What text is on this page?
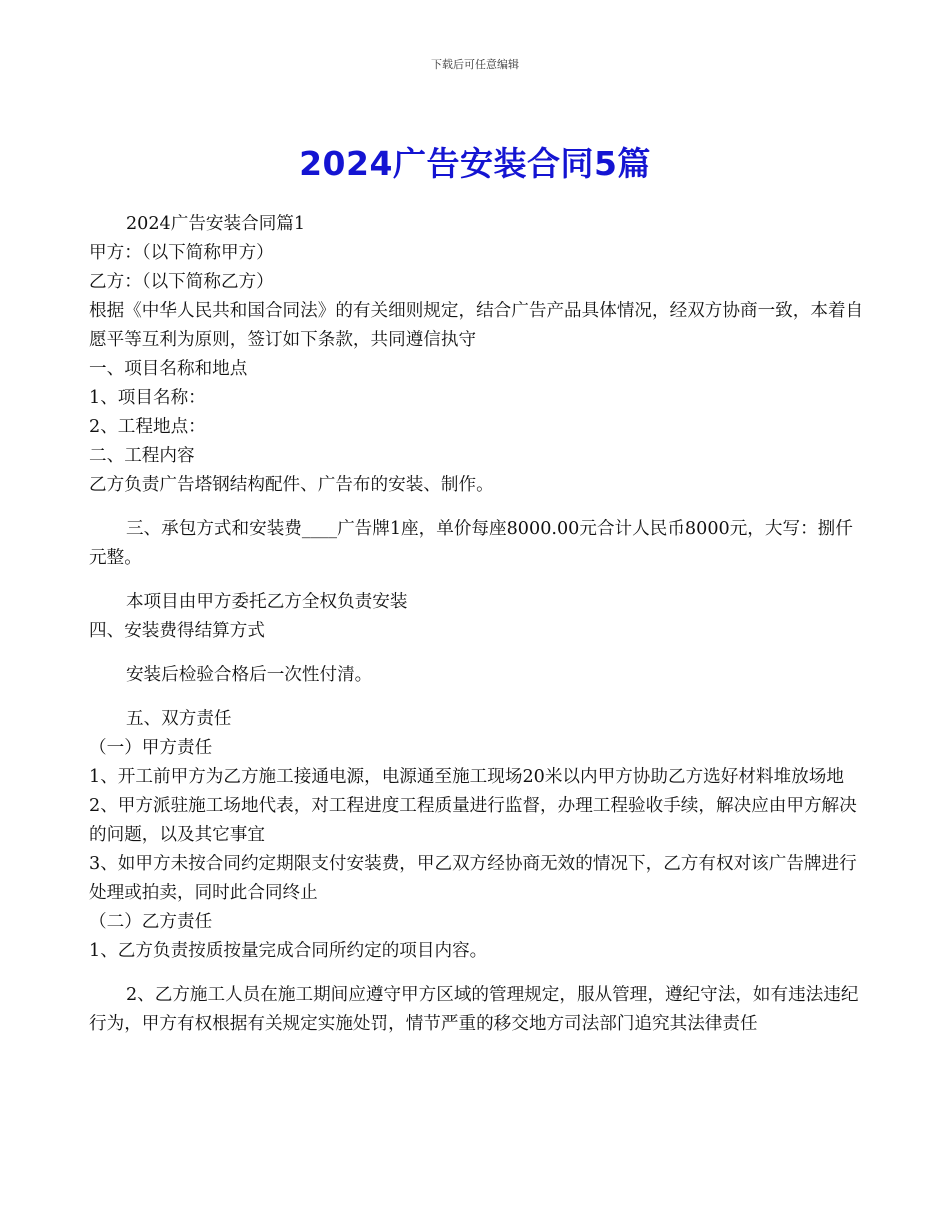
下载后可任意编辑
2024广告安装合同5篇

2024广告安装合同篇1

甲方：（以下简称甲方）

乙方：（以下简称乙方）

根据《中华人民共和国合同法》的有关细则规定，结合广告产品具体情况，经双方协商一致，本着自愿平等互利为原则，签订如下条款，共同遵信执守

一、项目名称和地点

1、项目名称：

2、工程地点：

二、工程内容

乙方负责广告塔钢结构配件、广告布的安装、制作。

三、承包方式和安装费____广告牌1座，单价每座8000.00元合计人民币8000元，大写：捌仟元整。

本项目由甲方委托乙方全权负责安装

四、安装费得结算方式

安装后检验合格后一次性付清。

五、双方责任

（一）甲方责任

1、开工前甲方为乙方施工接通电源，电源通至施工现场20米以内甲方协助乙方选好材料堆放场地 2、甲方派驻施工场地代表，对工程进度工程质量进行监督，办理工程验收手续，解决应由甲方解决的问题，以及其它事宜

3、如甲方未按合同约定期限支付安装费，甲乙双方经协商无效的情况下，乙方有权对该广告牌进行处理或拍卖，同时此合同终止

（二）乙方责任

1、乙方负责按质按量完成合同所约定的项目内容。

2、乙方施工人员在施工期间应遵守甲方区域的管理规定，服从管理，遵纪守法，如有违法违纪行为，甲方有权根据有关规定实施处罚，情节严重的移交地方司法部门追究其法律责任
